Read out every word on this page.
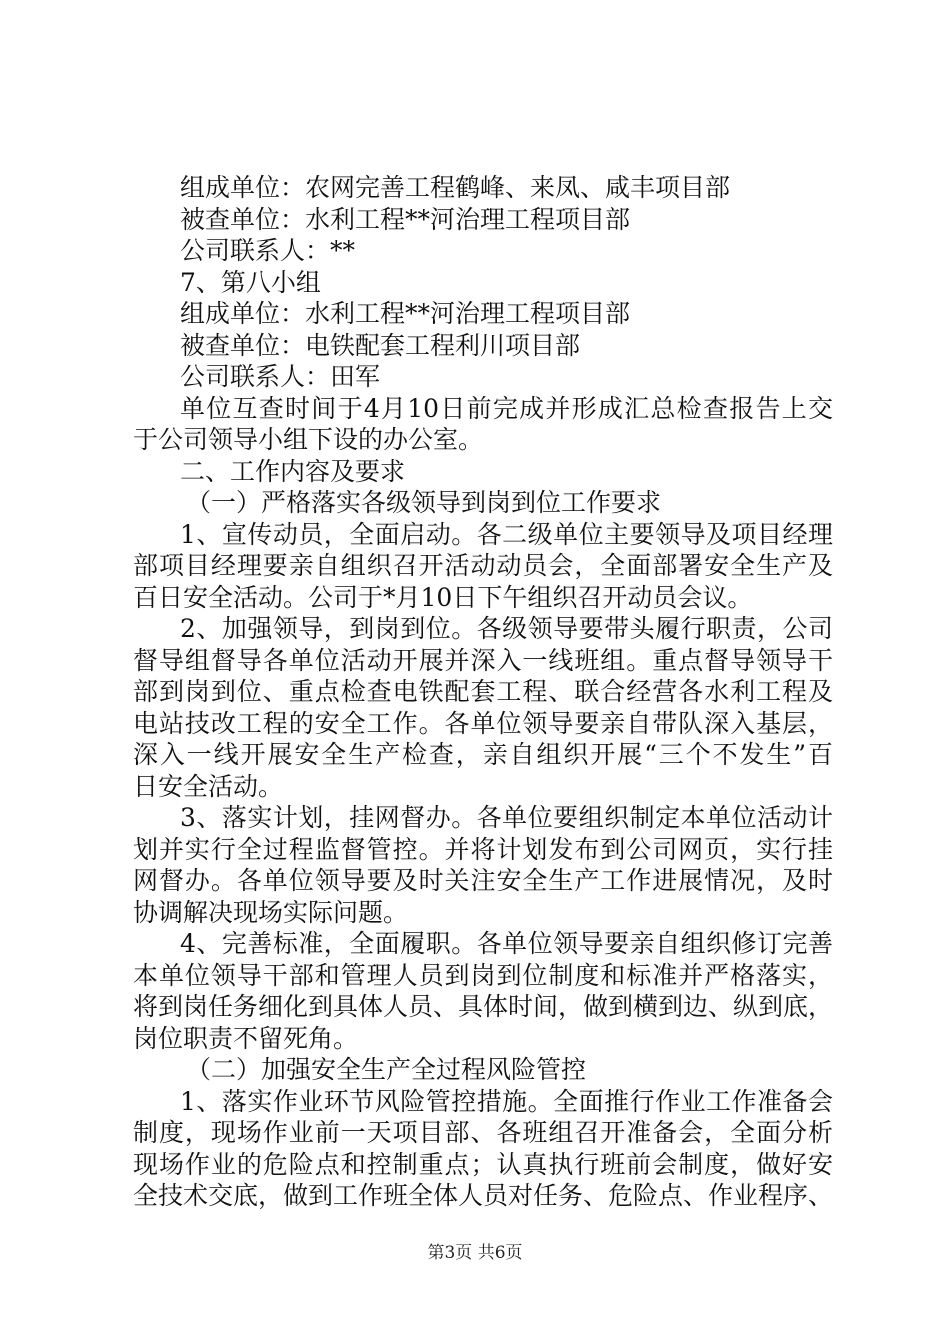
组成单位：农网完善工程鹤峰、来凤、咸丰项目部
被查单位：水利工程**河治理工程项目部
公司联系人：**
7、第八小组
组成单位：水利工程**河治理工程项目部
被查单位：电铁配套工程利川项目部
公司联系人：田军
单位互查时间于4月10日前完成并形成汇总检查报告上交
于公司领导小组下设的办公室。
二、工作内容及要求
（一）严格落实各级领导到岗到位工作要求
1、宣传动员，全面启动。各二级单位主要领导及项目经理
部项目经理要亲自组织召开活动动员会，全面部署安全生产及
百日安全活动。公司于*月10日下午组织召开动员会议。
2、加强领导，到岗到位。各级领导要带头履行职责，公司
督导组督导各单位活动开展并深入一线班组。重点督导领导干
部到岗到位、重点检查电铁配套工程、联合经营各水利工程及
电站技改工程的安全工作。各单位领导要亲自带队深入基层，
深入一线开展安全生产检查，亲自组织开展“三个不发生”百
日安全活动。
3、落实计划，挂网督办。各单位要组织制定本单位活动计
划并实行全过程监督管控。并将计划发布到公司网页，实行挂
网督办。各单位领导要及时关注安全生产工作进展情况，及时
协调解决现场实际问题。
4、完善标准，全面履职。各单位领导要亲自组织修订完善
本单位领导干部和管理人员到岗到位制度和标准并严格落实，
将到岗任务细化到具体人员、具体时间，做到横到边、纵到底，
岗位职责不留死角。
（二）加强安全生产全过程风险管控
1、落实作业环节风险管控措施。全面推行作业工作准备会
制度，现场作业前一天项目部、各班组召开准备会，全面分析
现场作业的危险点和控制重点；认真执行班前会制度，做好安
全技术交底，做到工作班全体人员对任务、危险点、作业程序、
第3页 共6页
